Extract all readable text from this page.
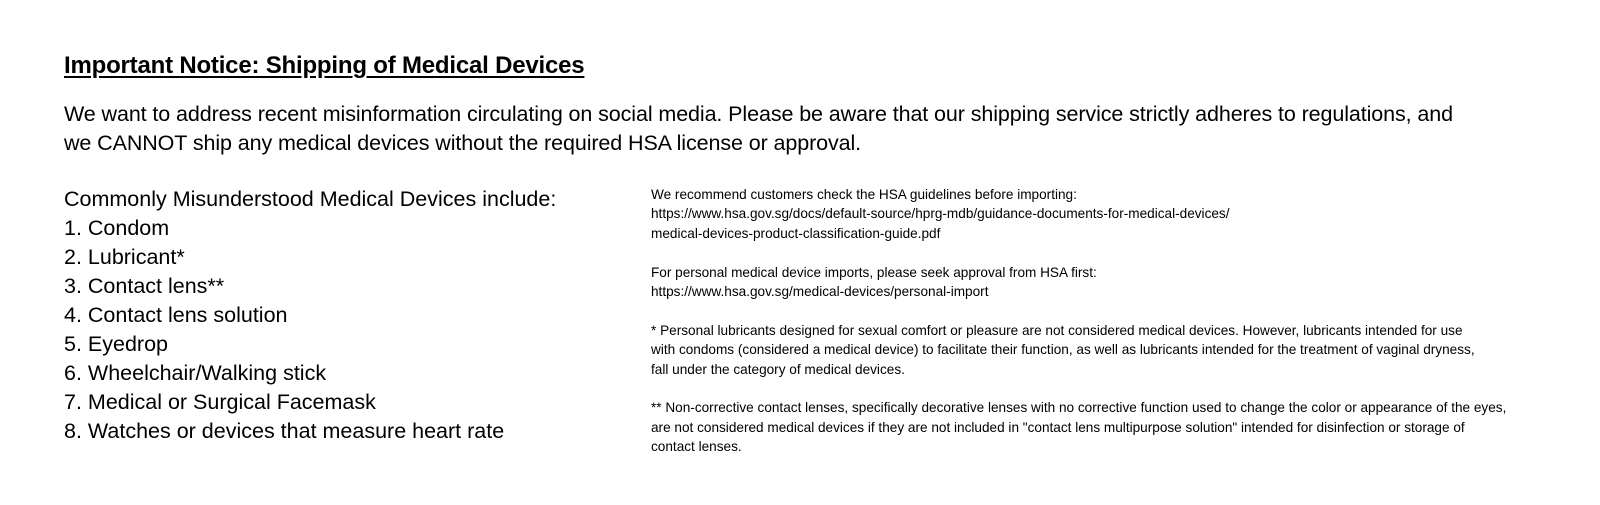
Important Notice: Shipping of Medical Devices
We want to address recent misinformation circulating on social media. Please be aware that our shipping service strictly adheres to regulations, and
we CANNOT ship any medical devices without the required HSA license or approval.
Commonly Misunderstood Medical Devices include:
1. Condom
2. Lubricant*
3. Contact lens**
4. Contact lens solution
5. Eyedrop
6. Wheelchair/Walking stick
7. Medical or Surgical Facemask
8. Watches or devices that measure heart rate

We recommend customers check the HSA guidelines before importing:
https://www.hsa.gov.sg/docs/default-source/hprg-mdb/guidance-documents-for-medical-devices/
medical-devices-product-classification-guide.pdf

For personal medical device imports, please seek approval from HSA first:
https://www.hsa.gov.sg/medical-devices/personal-import

* Personal lubricants designed for sexual comfort or pleasure are not considered medical devices. However, lubricants intended for use
with condoms (considered a medical device) to facilitate their function, as well as lubricants intended for the treatment of vaginal dryness,
fall under the category of medical devices.

** Non-corrective contact lenses, specifically decorative lenses with no corrective function used to change the color or appearance of the eyes,
are not considered medical devices if they are not included in "contact lens multipurpose solution" intended for disinfection or storage of
contact lenses.
